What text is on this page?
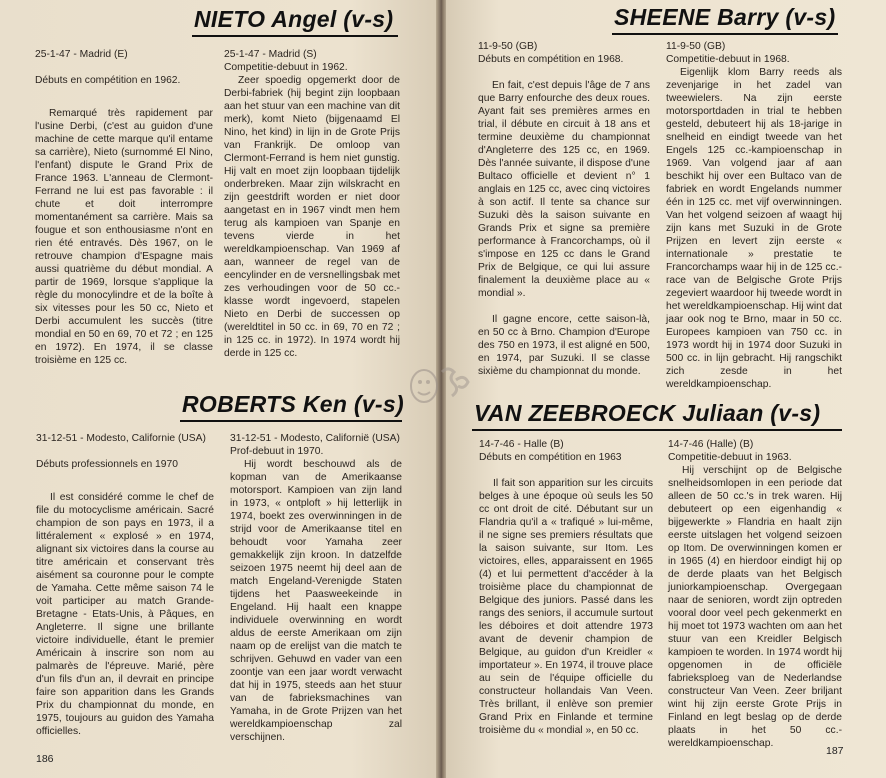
NIETO Angel (v-s)

25-1-47 - Madrid (E)

Débuts en compétition en 1962.

Remarqué très rapidement par l'usine Derbi, (c'est au guidon d'une machine de cette marque qu'il entame sa carrière), Nieto (surnommé El Nino, l'enfant) dispute le Grand Prix de France 1963. L'anneau de Clermont-Ferrand ne lui est pas favorable : il chute et doit interrompre momentanément sa carrière. Mais sa fougue et son enthousiasme n'ont en rien été entravés. Dès 1967, on le retrouve champion d'Espagne mais aussi quatrième du début mondial. A partir de 1969, lorsque s'applique la règle du monocylindre et de la boîte à six vitesses pour les 50 cc, Nieto et Derbi accumulent les succès (titre mondial en 50 en 69, 70 et 72 ; en 125 en 1972). En 1974, il se classe troisième en 125 cc.

25-1-47 - Madrid (S)

Competitie-debuut in 1962.

Zeer spoedig opgemerkt door de Derbi-fabriek (hij begint zijn loopbaan aan het stuur van een machine van dit merk), komt Nieto (bijgenaamd El Nino, het kind) in lijn in de Grote Prijs van Frankrijk. De omloop van Clermont-Ferrand is hem niet gunstig. Hij valt en moet zijn loopbaan tijdelijk onderbreken. Maar zijn wilskracht en zijn geestdrift worden er niet door aangetast en in 1967 vindt men hem terug als kampioen van Spanje en tevens vierde in het wereldkampioenschap. Van 1969 af aan, wanneer de regel van de eencylinder en de versnellingsbak met zes verhoudingen voor de 50 cc.-klasse wordt ingevoerd, stapelen Nieto en Derbi de successen op (wereldtitel in 50 cc. in 69, 70 en 72 ; in 125 cc. in 1972). In 1974 wordt hij derde in 125 cc.

ROBERTS Ken (v-s)

31-12-51 - Modesto, Californie (USA)

Débuts professionnels en 1970

Il est considéré comme le chef de file du motocyclisme américain. Sacré champion de son pays en 1973, il a littéralement « explosé » en 1974, alignant six victoires dans la course au titre américain et conservant très aisément sa couronne pour le compte de Yamaha. Cette même saison 74 le voit participer au match Grande-Bretagne - Etats-Unis, à Pâques, en Angleterre. Il signe une brillante victoire individuelle, étant le premier Américain à inscrire son nom au palmarès de l'épreuve. Marié, père d'un fils d'un an, il devrait en principe faire son apparition dans les Grands Prix du championnat du monde, en 1975, toujours au guidon des Yamaha officielles.

31-12-51 - Modesto, Californië (USA)

Prof-debuut in 1970.

Hij wordt beschouwd als de kopman van de Amerikaanse motorsport. Kampioen van zijn land in 1973, « ontploft » hij letterlijk in 1974, boekt zes overwinningen in de strijd voor de Amerikaanse titel en behoudt voor Yamaha zeer gemakkelijk zijn kroon. In datzelfde seizoen 1975 neemt hij deel aan de match Engeland-Verenigde Staten tijdens het Paasweekeinde in Engeland. Hij haalt een knappe individuele overwinning en wordt aldus de eerste Amerikaan om zijn naam op de erelijst van die match te schrijven. Gehuwd en vader van een zoontje van een jaar wordt verwacht dat hij in 1975, steeds aan het stuur van de fabrieksmachines van Yamaha, in de Grote Prijzen van het wereldkampioenschap zal verschijnen.

186
SHEENE Barry (v-s)

11-9-50 (GB)

Débuts en compétition en 1968.

En fait, c'est depuis l'âge de 7 ans que Barry enfourche des deux roues. Ayant fait ses premières armes en trial, il débute en circuit à 18 ans et termine deuxième du championnat d'Angleterre des 125 cc, en 1969. Dès l'année suivante, il dispose d'une Bultaco officielle et devient n° 1 anglais en 125 cc, avec cinq victoires à son actif. Il tente sa chance sur Suzuki dès la saison suivante en Grands Prix et signe sa première performance à Francorchamps, où il s'impose en 125 cc dans le Grand Prix de Belgique, ce qui lui assure finalement la deuxième place au « mondial ».

Il gagne encore, cette saison-là, en 50 cc à Brno. Champion d'Europe des 750 en 1973, il est aligné en 500, en 1974, par Suzuki. Il se classe sixième du championnat du monde.

11-9-50 (GB)

Competitie-debuut in 1968.

Eigenlijk klom Barry reeds als zevenjarige in het zadel van tweewielers. Na zijn eerste motorsportdaden in trial te hebben gesteld, debuteert hij als 18-jarige in snelheid en eindigt tweede van het Engels 125 cc.-kampioenschap in 1969. Van volgend jaar af aan beschikt hij over een Bultaco van de fabriek en wordt Engelands nummer één in 125 cc. met vijf overwinningen. Van het volgend seizoen af waagt hij zijn kans met Suzuki in de Grote Prijzen en levert zijn eerste « internationale » prestatie te Francorchamps waar hij in de 125 cc.-race van de Belgische Grote Prijs zegeviert waardoor hij tweede wordt in het wereldkampioenschap. Hij wint dat jaar ook nog te Brno, maar in 50 cc. Europees kampioen van 750 cc. in 1973 wordt hij in 1974 door Suzuki in 500 cc. in lijn gebracht. Hij rangschikt zich zesde in het wereldkampioenschap.

VAN ZEEBROECK Juliaan (v-s)

14-7-46 - Halle (B)

Débuts en compétition en 1963

Il fait son apparition sur les circuits belges à une époque où seuls les 50 cc ont droit de cité. Débutant sur un Flandria qu'il a « trafiqué » lui-même, il ne signe ses premiers résultats que la saison suivante, sur Itom. Les victoires, elles, apparaissent en 1965 (4) et lui permettent d'accéder à la troisième place du championnat de Belgique des juniors. Passé dans les rangs des seniors, il accumule surtout les déboires et doit attendre 1973 avant de devenir champion de Belgique, au guidon d'un Kreidler « importateur ». En 1974, il trouve place au sein de l'équipe officielle du constructeur hollandais Van Veen. Très brillant, il enlève son premier Grand Prix en Finlande et termine troisième du « mondial », en 50 cc.

14-7-46 (Halle) (B)

Competitie-debuut in 1963.

Hij verschijnt op de Belgische snelheidsomlopen in een periode dat alleen de 50 cc.'s in trek waren. Hij debuteert op een eigenhandig « bijgewerkte » Flandria en haalt zijn eerste uitslagen het volgend seizoen op Itom. De overwinningen komen er in 1965 (4) en hierdoor eindigt hij op de derde plaats van het Belgisch juniorkampioenschap. Overgegaan naar de senioren, wordt zijn optreden vooral door veel pech gekenmerkt en hij moet tot 1973 wachten om aan het stuur van een Kreidler Belgisch kampioen te worden. In 1974 wordt hij opgenomen in de officiële fabrieksploeg van de Nederlandse constructeur Van Veen. Zeer briljant wint hij zijn eerste Grote Prijs in Finland en legt beslag op de derde plaats in het 50 cc.-wereldkampioenschap.

187
